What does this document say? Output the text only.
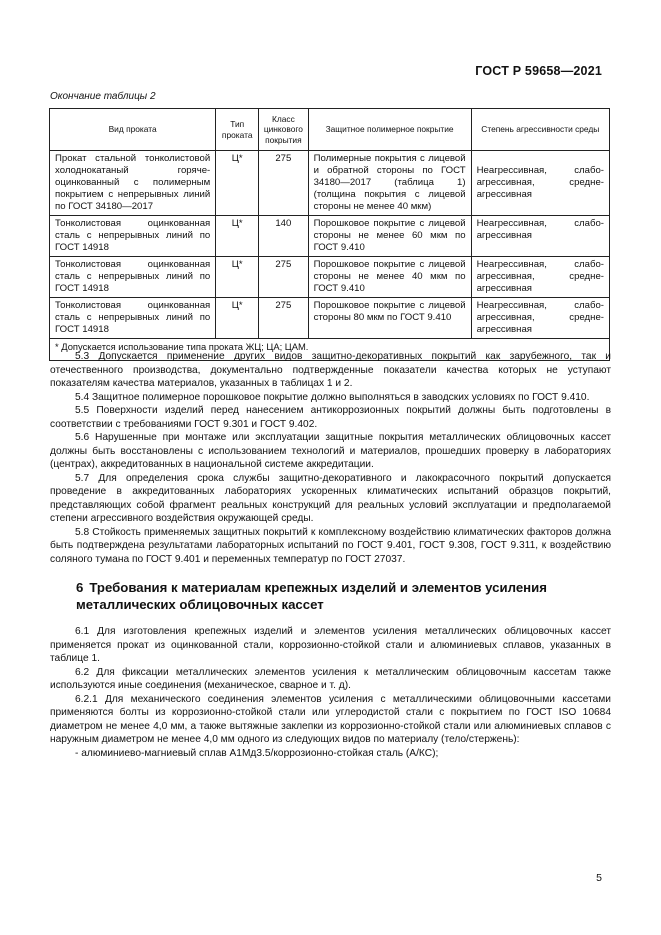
ГОСТ Р 59658—2021
Окончание таблицы 2
Вид проката	Тип проката	Класс цинкового покрытия	Защитное полимерное покрытие	Степень агрессивности среды
Прокат стальной тонколистовой холоднокатаный горячеоцинкованный с полимерным покрытием с непрерывных линий по ГОСТ 34180—2017	Ц*	275	Полимерные покрытия с лицевой и обратной стороны по ГОСТ 34180—2017 (таблица 1) (толщина покрытия с лицевой стороны не менее 40 мкм)	Неагрессивная, слабоагрессивная, среднеагрессивная
Тонколистовая оцинкованная сталь с непрерывных линий по ГОСТ 14918	Ц*	140	Порошковое покрытие с лицевой стороны не менее 60 мкм по ГОСТ 9.410	Неагрессивная, слабоагрессивная
Тонколистовая оцинкованная сталь с непрерывных линий по ГОСТ 14918	Ц*	275	Порошковое покрытие с лицевой стороны не менее 40 мкм по ГОСТ 9.410	Неагрессивная, слабоагрессивная, среднеагрессивная
Тонколистовая оцинкованная сталь с непрерывных линий по ГОСТ 14918	Ц*	275	Порошковое покрытие с лицевой стороны 80 мкм по ГОСТ 9.410	Неагрессивная, слабоагрессивная, среднеагрессивная
* Допускается использование типа проката ЖЦ; ЦА; ЦАМ.				

5.3 Допускается применение других видов защитно-декоративных покрытий как зарубежного, так и отечественного производства, документально подтвержденные показатели качества которых не уступают показателям качества материалов, указанных в таблицах 1 и 2.

5.4 Защитное полимерное порошковое покрытие должно выполняться в заводских условиях по ГОСТ 9.410.

5.5 Поверхности изделий перед нанесением антикоррозионных покрытий должны быть подготовлены в соответствии с требованиями ГОСТ 9.301 и ГОСТ 9.402.

5.6 Нарушенные при монтаже или эксплуатации защитные покрытия металлических облицовочных кассет должны быть восстановлены с использованием технологий и материалов, прошедших проверку в лабораториях (центрах), аккредитованных в национальной системе аккредитации.

5.7 Для определения срока службы защитно-декоративного и лакокрасочного покрытий допускается проведение в аккредитованных лабораториях ускоренных климатических испытаний образцов покрытий, представляющих собой фрагмент реальных конструкций для реальных условий эксплуатации и предполагаемой степени агрессивного воздействия окружающей среды.

5.8 Стойкость применяемых защитных покрытий к комплексному воздействию климатических факторов должна быть подтверждена результатами лабораторных испытаний по ГОСТ 9.401, ГОСТ 9.308, ГОСТ 9.311, к воздействию соляного тумана по ГОСТ 9.401 и переменных температур по ГОСТ 27037.

6 Требования к материалам крепежных изделий и элементов усиления металлических облицовочных кассет

6.1 Для изготовления крепежных изделий и элементов усиления металлических облицовочных кассет применяется прокат из оцинкованной стали, коррозионно-стойкой стали и алюминиевых сплавов, указанных в таблице 1.

6.2 Для фиксации металлических элементов усиления к металлическим облицовочным кассетам также используются иные соединения (механическое, сварное и т. д).

6.2.1 Для механического соединения элементов усиления с металлическими облицовочными кассетами применяются болты из коррозионно-стойкой стали или углеродистой стали с покрытием по ГОСТ ISO 10684 диаметром не менее 4,0 мм, а также вытяжные заклепки из коррозионно-стойкой стали или алюминиевых сплавов с наружным диаметром не менее 4,0 мм одного из следующих видов по материалу (тело/стержень):

- алюминиево-магниевый сплав А1Мд3.5/коррозионно-стойкая сталь (А/КС);

5
